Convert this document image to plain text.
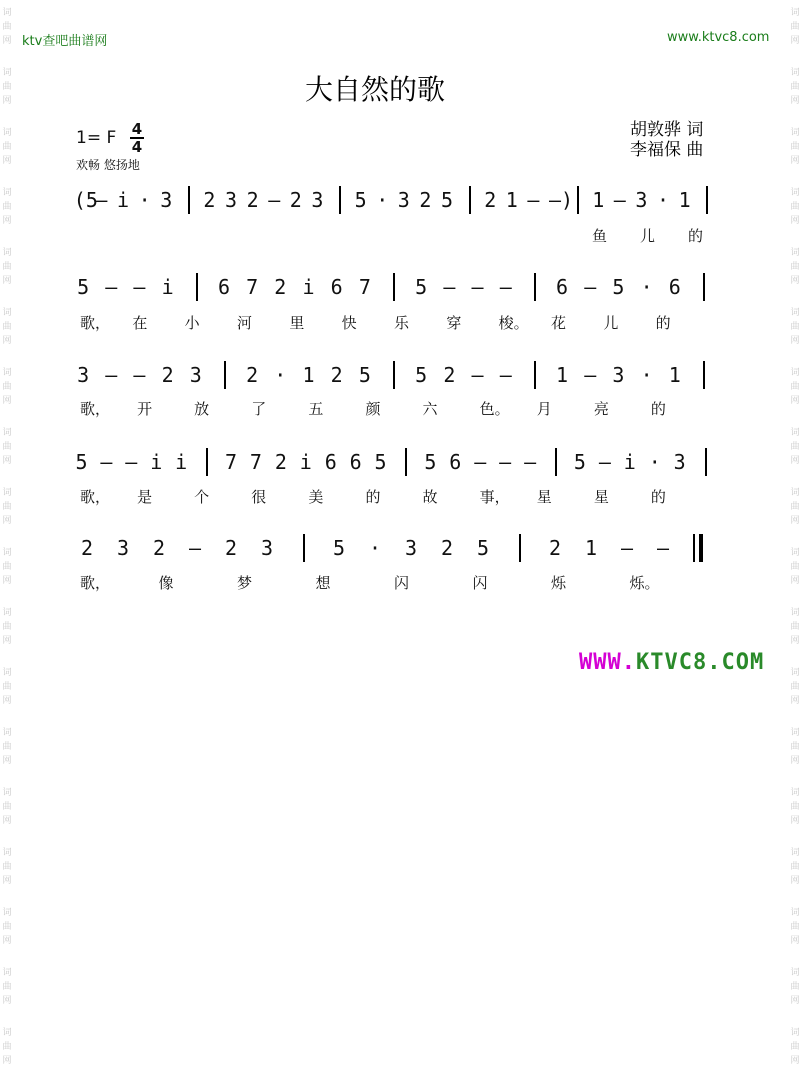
词
曲
网
词
曲
网
词
曲
网
词
曲
网
词
曲
网
词
曲
网
词
曲
网
词
曲
网
词
曲
网
词
曲
网
词
曲
网
词
曲
网
词
曲
网
词
曲
网
词
曲
网
词
曲
网
词
曲
网
词
曲
网
词
曲
网
词
曲
网
词
曲
网
词
曲
网
词
曲
网
词
曲
网
词
曲
网
词
曲
网
词
曲
网
词
曲
网
词
曲
网
词
曲
网
词
曲
网
词
曲
网
词
曲
网
词
曲
网
词
曲
网
词
曲
网
ktv查吧曲谱网	www.ktvc8.com
大自然的歌
胡敦骅 词
李福保 曲
1= F 4
4
欢畅 悠扬地
(5
— i · 3 2 3 2 — 2 3 5 · 3 2 5 2 1 — —) 1 — 3 · 1
鱼 儿 的
5 — — i 6 7 2 i 6 7 5 — — — 6 — 5 · 6
歌， 在 小 河 里 快 乐 穿 梭。 花 儿 的
3 — — 2 3 2 · 1 2 5 5 2 — — 1 — 3 · 1
歌， 开	放	了	五	颜	六	色。 月	亮	的
5 — — i i 7 7 2 i 6 6 5 5 6 — — — 5 — i · 3
歌， 是	个	很	美	的	故	事， 星	星	的
2 3 2 — 2 3	5 · 3 2 5	2 1 — —
歌，	像	梦	想	闪	闪	烁	烁。
WWW.KTVC8.COM
